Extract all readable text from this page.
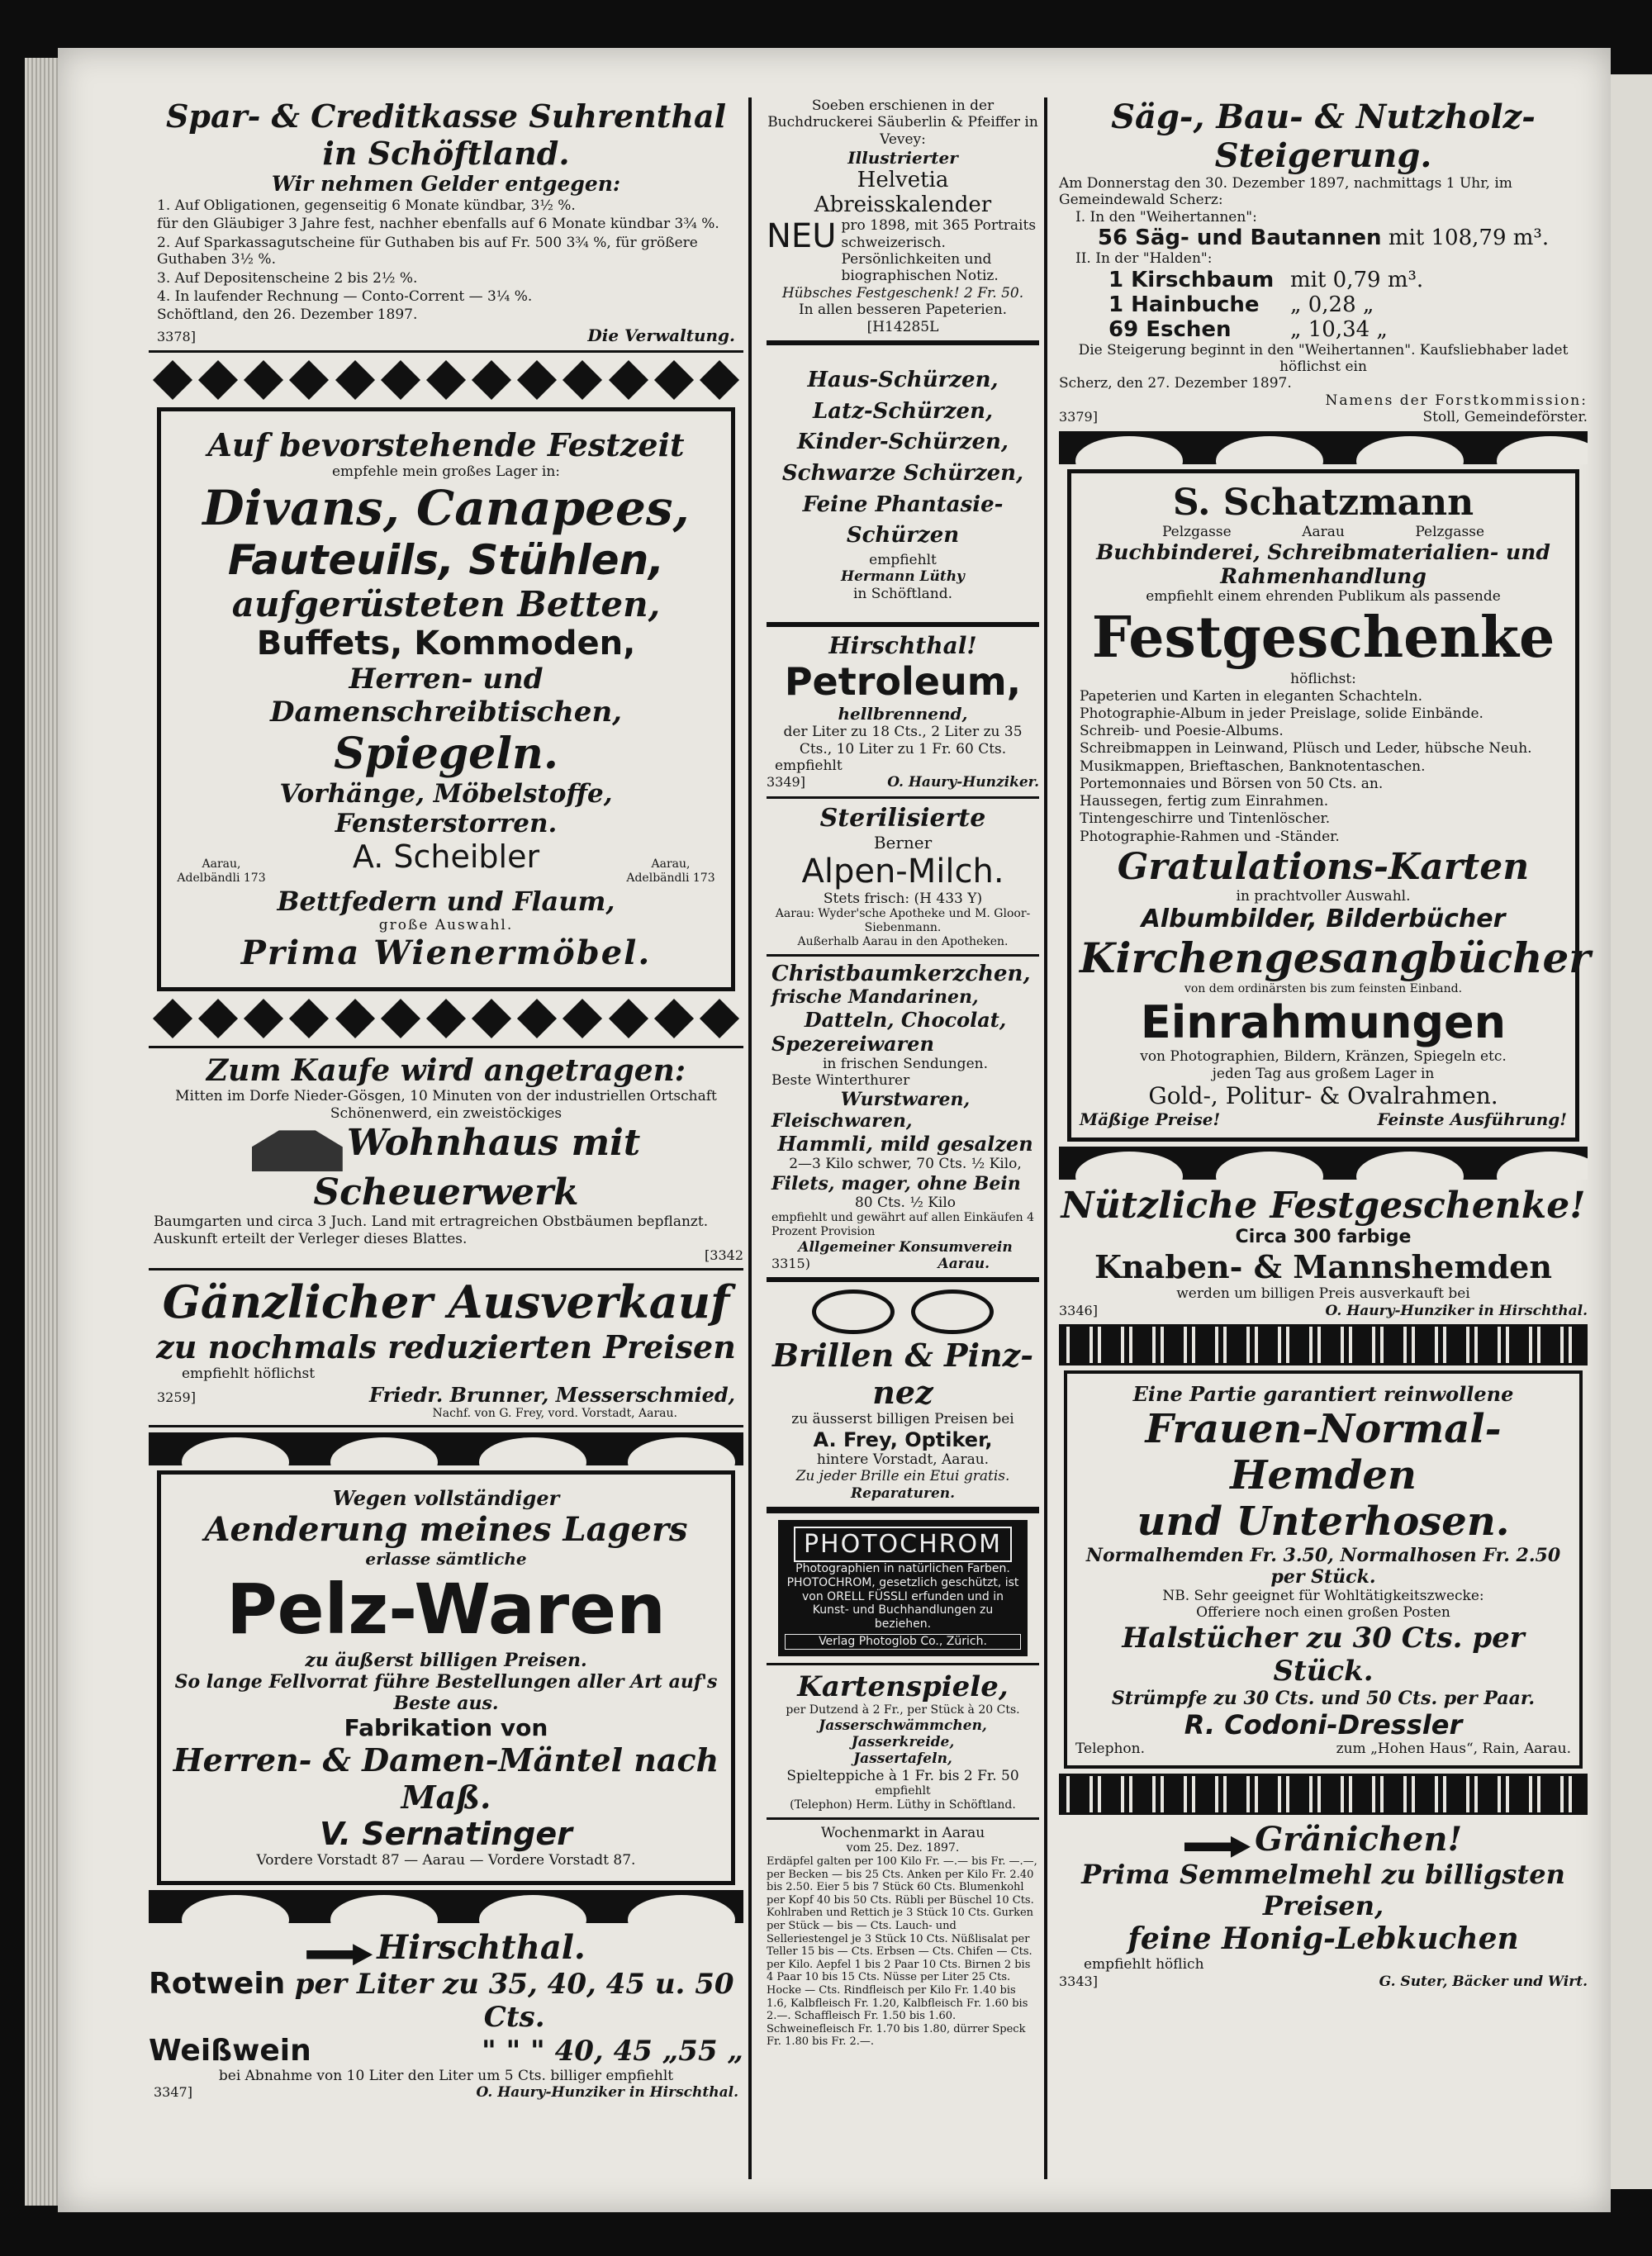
Spar- & Creditkasse Suhrenthal in Schöftland.
Wir nehmen Gelder entgegen:

1. Auf Obligationen, gegenseitig 6 Monate kündbar, 3½ %.

für den Gläubiger 3 Jahre fest, nachher ebenfalls auf 6 Monate kündbar 3¾ %.

2. Auf Sparkassagutscheine für Guthaben bis auf Fr. 500 3¾ %, für größere Guthaben 3½ %.

3. Auf Depositenscheine 2 bis 2½ %.

4. In laufender Rechnung — Conto-Corrent — 3¼ %.

Schöftland, den 26. Dezember 1897.

3378]	Die Verwaltung.
Auf bevorstehende Festzeit
empfehle mein großes Lager in:
Divans, Canapees,
Fauteuils, Stühlen,
aufgerüsteten Betten,
Buffets, Kommoden,
Herren- und Damenschreibtischen,
Spiegeln.
Vorhänge, Möbelstoffe, Fensterstorren.
Aarau, Adelbändli 173
A. Scheibler	Aarau, Adelbändli 173
Bettfedern und Flaum,
große Auswahl.
Prima Wienermöbel.
Zum Kaufe wird angetragen:
Mitten im Dorfe Nieder-Gösgen, 10 Minuten von der industriellen Ortschaft Schönenwerd, ein zweistöckiges
Wohnhaus mit Scheuerwerk
Baumgarten und circa 3 Juch. Land mit ertragreichen Obstbäumen bepflanzt. Auskunft erteilt der Verleger dieses Blattes.
[3342
Gänzlicher Ausverkauf
zu nochmals reduzierten Preisen
empfiehlt höflichst
3259]	Friedr. Brunner, Messerschmied,
Nachf. von G. Frey, vord. Vorstadt, Aarau.
Wegen vollständiger
Aenderung meines Lagers
erlasse sämtliche
Pelz-Waren
zu äußerst billigen Preisen.
So lange Fellvorrat führe Bestellungen aller Art auf's Beste aus.
Fabrikation von
Herren- & Damen-Mäntel nach Maß.
V. Sernatinger
Vordere Vorstadt 87 — Aarau — Vordere Vorstadt 87.
Hirschthal.
Rotwein per Liter zu 35, 40, 45 u. 50 Cts.
Weißwein	" " " 40, 45 „55 „
bei Abnahme von 10 Liter den Liter um 5 Cts. billiger empfiehlt
3347]	O. Haury-Hunziker in Hirschthal.
Soeben erschienen in der Buchdruckerei Säuberlin & Pfeiffer in Vevey:
Illustrierter
Helvetia Abreisskalender
NEU pro 1898, mit 365 Portraits schweizerisch. Persönlichkeiten und biographischen Notiz.
Hübsches Festgeschenk! 2 Fr. 50.
In allen besseren Papeterien. [H14285L
Haus-Schürzen,
Latz-Schürzen,
Kinder-Schürzen,
Schwarze Schürzen,
Feine Phantasie-Schürzen
empfiehlt
Hermann Lüthy
in Schöftland.
Hirschthal!
Petroleum,
hellbrennend,
der Liter zu 18 Cts., 2 Liter zu 35 Cts., 10 Liter zu 1 Fr. 60 Cts.
empfiehlt
3349]	O. Haury-Hunziker.
Sterilisierte
Berner
Alpen-Milch.
Stets frisch: (H 433 Y)
Aarau: Wyder'sche Apotheke und M. Gloor-Siebenmann.
Außerhalb Aarau in den Apotheken.
Christbaumkerzchen,
frische Mandarinen,
Datteln, Chocolat,
Spezereiwaren
in frischen Sendungen.
Beste Winterthurer
Wurstwaren,
Fleischwaren,
Hammli, mild gesalzen
2—3 Kilo schwer, 70 Cts. ½ Kilo,
Filets, mager, ohne Bein
80 Cts. ½ Kilo
empfiehlt und gewährt auf allen Einkäufen 4 Prozent Provision
Allgemeiner Konsumverein
3315)	Aarau.
Brillen & Pinz-nez
zu äusserst billigen Preisen bei
A. Frey, Optiker,
hintere Vorstadt, Aarau.
Zu jeder Brille ein Etui gratis.
Reparaturen.
PHOTOCHROM
Photographien in natürlichen Farben.
PHOTOCHROM, gesetzlich geschützt, ist von ORELL FÜSSLI erfunden und in Kunst- und Buchhandlungen zu beziehen.
Verlag Photoglob Co., Zürich.
Kartenspiele,
per Dutzend à 2 Fr., per Stück à 20 Cts.
Jasserschwämmchen,
Jasserkreide,
Jassertafeln,
Spielteppiche à 1 Fr. bis 2 Fr. 50
empfiehlt
(Telephon) Herm. Lüthy in Schöftland.
Wochenmarkt in Aarau
vom 25. Dez. 1897.
Erdäpfel galten per 100 Kilo Fr. —.— bis Fr. —.—, per Becken — bis 25 Cts. Anken per Kilo Fr. 2.40 bis 2.50. Eier 5 bis 7 Stück 60 Cts. Blumenkohl per Kopf 40 bis 50 Cts. Rübli per Büschel 10 Cts. Kohlraben und Rettich je 3 Stück 10 Cts. Gurken per Stück — bis — Cts. Lauch- und Selleriestengel je 3 Stück 10 Cts. Nüßlisalat per Teller 15 bis — Cts. Erbsen — Cts. Chifen — Cts. per Kilo. Aepfel 1 bis 2 Paar 10 Cts. Birnen 2 bis 4 Paar 10 bis 15 Cts. Nüsse per Liter 25 Cts. Hocke — Cts. Rindfleisch per Kilo Fr. 1.40 bis 1.6, Kalbfleisch Fr. 1.20, Kalbfleisch Fr. 1.60 bis 2.—. Schaffleisch Fr. 1.50 bis 1.60. Schweinefleisch Fr. 1.70 bis 1.80, dürrer Speck Fr. 1.80 bis Fr. 2.—.
Säg-, Bau- & Nutzholz-Steigerung.
Am Donnerstag den 30. Dezember 1897, nachmittags 1 Uhr, im Gemeindewald Scherz:
I. In den "Weihertannen":
56 Säg- und Bautannen mit 108,79 m³.
II. In der "Halden":
1 Kirschbaum mit 0,79 m³.
1 Hainbuche „ 0,28 „
69 Eschen	„ 10,34 „
Die Steigerung beginnt in den "Weihertannen". Kaufsliebhaber ladet höflichst ein
Scherz, den 27. Dezember 1897.
Namens der Forstkommission:
3379]	Stoll, Gemeindeförster.
S. Schatzmann
Pelzgasse	Aarau	Pelzgasse
Buchbinderei, Schreibmaterialien- und Rahmenhandlung
empfiehlt einem ehrenden Publikum als passende
Festgeschenke
höflichst:
Papeterien und Karten in eleganten Schachteln.
Photographie-Album in jeder Preislage, solide Einbände.
Schreib- und Poesie-Albums.
Schreibmappen in Leinwand, Plüsch und Leder, hübsche Neuh.
Musikmappen, Brieftaschen, Banknotentaschen.
Portemonnaies und Börsen von 50 Cts. an.
Haussegen, fertig zum Einrahmen.
Tintengeschirre und Tintenlöscher.
Photographie-Rahmen und -Ständer.
Gratulations-Karten
in prachtvoller Auswahl.
Albumbilder, Bilderbücher
Kirchengesangbücher
von dem ordinärsten bis zum feinsten Einband.
Einrahmungen
von Photographien, Bildern, Kränzen, Spiegeln etc.
jeden Tag aus großem Lager in
Gold-, Politur- & Ovalrahmen.
Mäßige Preise!	Feinste Ausführung!
Nützliche Festgeschenke!
Circa 300 farbige
Knaben- & Mannshemden
werden um billigen Preis ausverkauft bei
3346]	O. Haury-Hunziker in Hirschthal.
Eine Partie garantiert reinwollene
Frauen-Normal-Hemden
und Unterhosen.
Normalhemden Fr. 3.50, Normalhosen Fr. 2.50 per Stück.
NB. Sehr geeignet für Wohltätigkeitszwecke:
Offeriere noch einen großen Posten
Halstücher zu 30 Cts. per Stück.
Strümpfe zu 30 Cts. und 50 Cts. per Paar.
R. Codoni-Dressler
Telephon.	zum „Hohen Haus“, Rain, Aarau.
Gränichen!
Prima Semmelmehl zu billigsten Preisen,
feine Honig-Lebkuchen
empfiehlt höflich
3343]	G. Suter, Bäcker und Wirt.
